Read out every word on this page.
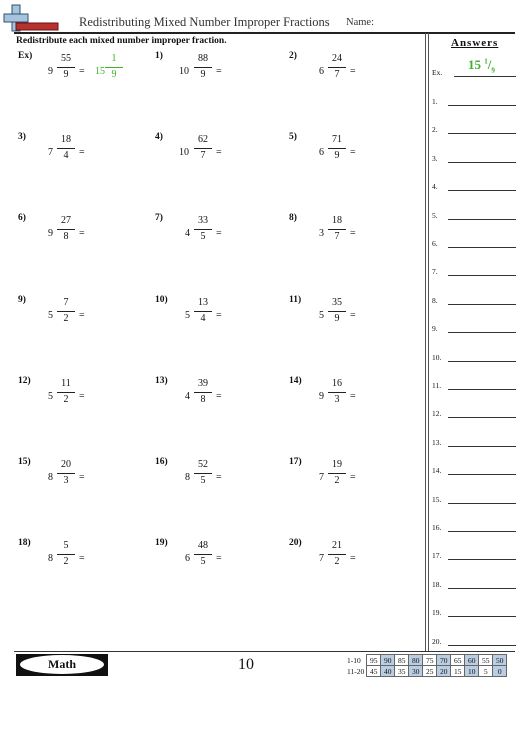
Redistributing Mixed Number Improper Fractions Name:
Redistribute each mixed number improper fraction.
Ex)
$9 \frac{55}{9} = 15 \frac{1}{9}$	1)
$10 \frac{88}{9}$ =
2)
$6 \frac{24}{7}$ =
3)
$7 \frac{18}{4}$ =
4)
$10 \frac{62}{7}$ =
5)
$6 \frac{71}{9}$ =
6)
$9 \frac{27}{8}$ =
7)
$4 \frac{33}{5}$ =
8)
$3 \frac{18}{7}$ =
9)
$5 \frac{7}{2}$ =
10)
$5 \frac{13}{4}$ =
11)
$5 \frac{35}{9}$ =
12)
$5 \frac{11}{2}$ =
13)
$4 \frac{39}{8}$ =
14)
$9 \frac{16}{3}$ =
15)
$8 \frac{20}{3}$ =
16)
$8 \frac{52}{5}$ =
17)
$7 \frac{19}{2}$ =
18)
$8 \frac{5}{2}$ =
19)
$6 \frac{48}{5}$ =
20)
$7 \frac{21}{2}$ =
Answers
Ex.
15 $^1/_9$
1.
2.
3.
4.
5.
6.
7.
8.
9.
10.
11.
12.
13.
14.
15.
16.
17.
18.
19.
20.
Math	10	1-10	95	90	85	80	75	70	65	60	55	50
11-20	45	40	35	30	25	20	15	10	5	0
